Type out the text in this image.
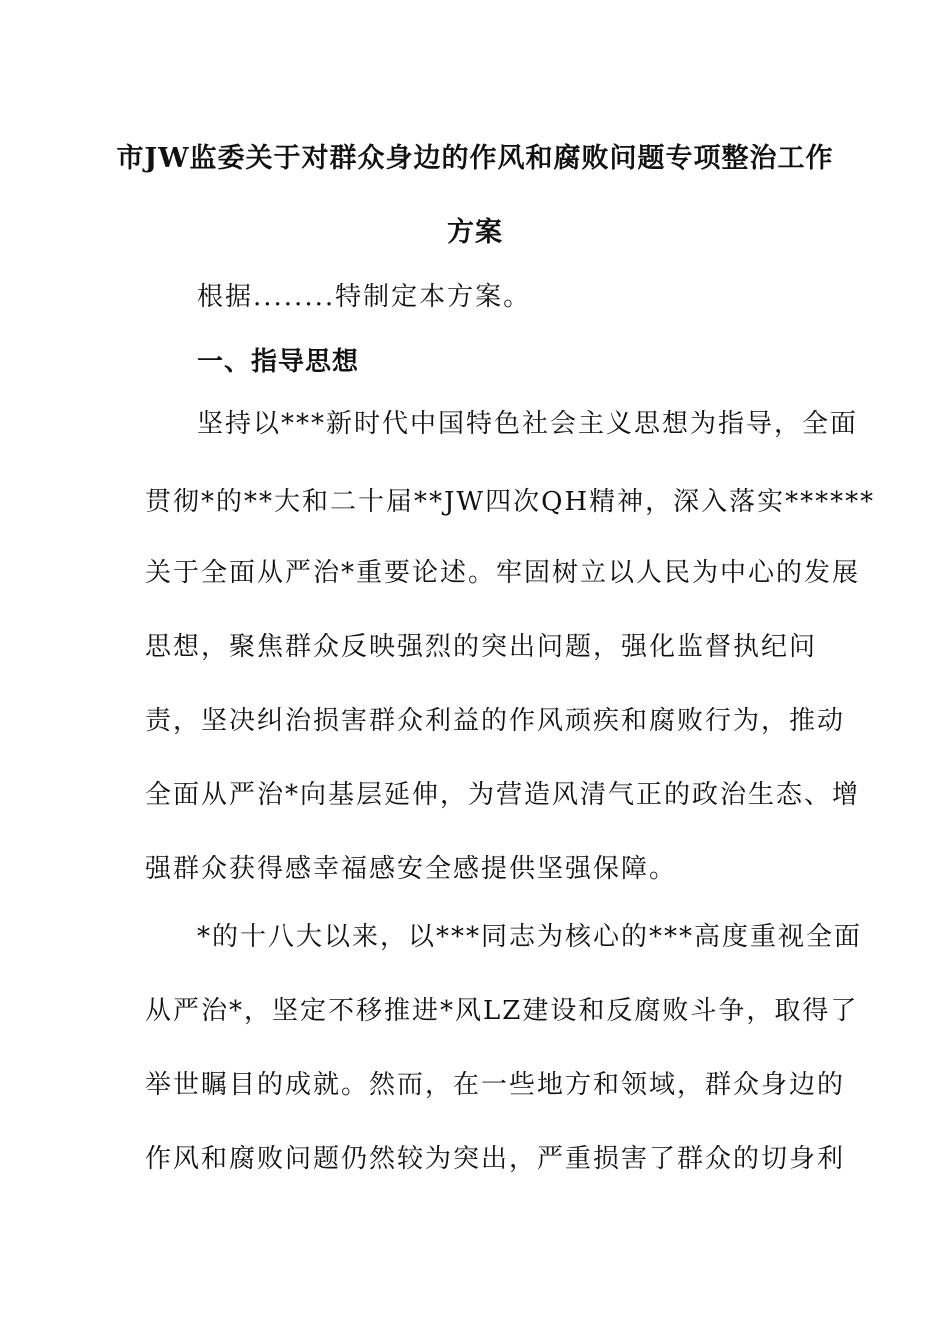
市JW监委关于对群众身边的作风和腐败问题专项整治工作
方案
根据........特制定本方案。
一、指导思想
坚持以***新时代中国特色社会主义思想为指导，全面
贯彻*的**大和二十届**JW四次QH精神，深入落实******
关于全面从严治*重要论述。牢固树立以人民为中心的发展
思想，聚焦群众反映强烈的突出问题，强化监督执纪问
责，坚决纠治损害群众利益的作风顽疾和腐败行为，推动
全面从严治*向基层延伸，为营造风清气正的政治生态、增
强群众获得感幸福感安全感提供坚强保障。
*的十八大以来，以***同志为核心的***高度重视全面
从严治*，坚定不移推进*风LZ建设和反腐败斗争，取得了
举世瞩目的成就。然而，在一些地方和领域，群众身边的
作风和腐败问题仍然较为突出，严重损害了群众的切身利
